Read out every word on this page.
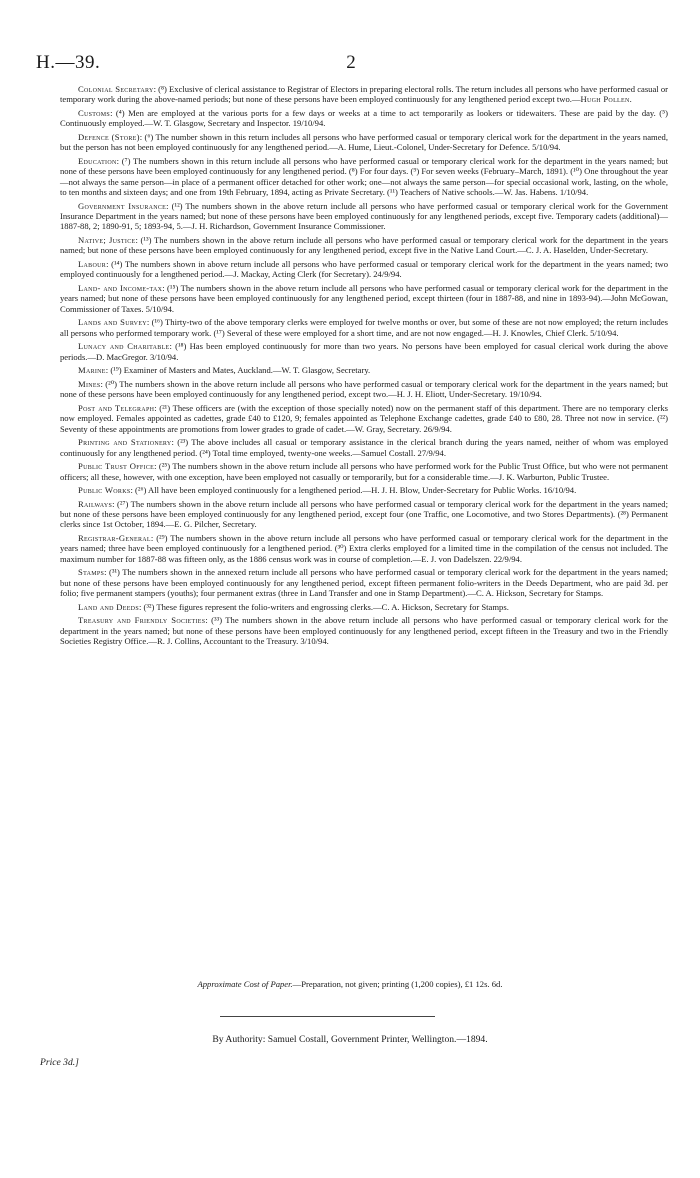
H.—39.	2

Colonial Secretary: (⁸) Exclusive of clerical assistance to Registrar of Electors in preparing electoral rolls. The return includes all persons who have performed casual or temporary work during the above-named periods; but none of these persons have been employed continuously for any lengthened period except two.—Hugh Pollen.

Customs: (⁴) Men are employed at the various ports for a few days or weeks at a time to act temporarily as lookers or tidewaiters. These are paid by the day. (⁵) Continuously employed.—W. T. Glasgow, Secretary and Inspector. 19/10/94.

Defence (Store): (⁶) The number shown in this return includes all persons who have performed casual or temporary clerical work for the department in the years named, but the person has not been employed continuously for any lengthened period.—A. Hume, Lieut.-Colonel, Under-Secretary for Defence. 5/10/94.

Education: (⁷) The numbers shown in this return include all persons who have performed casual or temporary clerical work for the department in the years named; but none of these persons have been employed continuously for any lengthened period. (⁸) For four days. (⁹) For seven weeks (February–March, 1891). (¹⁰) One throughout the year—not always the same person—in place of a permanent officer detached for other work; one—not always the same person—for special occasional work, lasting, on the whole, to ten months and sixteen days; and one from 19th February, 1894, acting as Private Secretary. (¹¹) Teachers of Native schools.—W. Jas. Habens. 1/10/94.

Government Insurance: (¹²) The numbers shown in the above return include all persons who have performed casual or temporary clerical work for the Government Insurance Department in the years named; but none of these persons have been employed continuously for any lengthened periods, except five. Temporary cadets (additional)—1887-88, 2; 1890-91, 5; 1893-94, 5.—J. H. Richardson, Government Insurance Commissioner.

Native; Justice: (¹³) The numbers shown in the above return include all persons who have performed casual or temporary clerical work for the department in the years named; but none of these persons have been employed continuously for any lengthened period, except five in the Native Land Court.—C. J. A. Haselden, Under-Secretary.

Labour: (¹⁴) The numbers shown in above return include all persons who have performed casual or temporary clerical work for the department in the years named; two employed continuously for a lengthened period.—J. Mackay, Acting Clerk (for Secretary). 24/9/94.

Land- and Income-tax: (¹⁵) The numbers shown in the above return include all persons who have performed casual or temporary clerical work for the department in the years named; but none of these persons have been employed continuously for any lengthened period, except thirteen (four in 1887-88, and nine in 1893-94).—John McGowan, Commissioner of Taxes. 5/10/94.

Lands and Survey: (¹⁶) Thirty-two of the above temporary clerks were employed for twelve months or over, but some of these are not now employed; the return includes all persons who performed temporary work. (¹⁷) Several of these were employed for a short time, and are not now engaged.—H. J. Knowles, Chief Clerk. 5/10/94.

Lunacy and Charitable: (¹⁸) Has been employed continuously for more than two years. No persons have been employed for casual clerical work during the above periods.—D. MacGregor. 3/10/94.

Marine: (¹⁹) Examiner of Masters and Mates, Auckland.—W. T. Glasgow, Secretary.

Mines: (²⁰) The numbers shown in the above return include all persons who have performed casual or temporary clerical work for the department in the years named; but none of these persons have been employed continuously for any lengthened period, except two.—H. J. H. Eliott, Under-Secretary. 19/10/94.

Post and Telegraph: (²¹) These officers are (with the exception of those specially noted) now on the permanent staff of this department. There are no temporary clerks now employed. Females appointed as cadettes, grade £40 to £120, 9; females appointed as Telephone Exchange cadettes, grade £40 to £80, 28. Three not now in service. (²²) Seventy of these appointments are promotions from lower grades to grade of cadet.—W. Gray, Secretary. 26/9/94.

Printing and Stationery: (²³) The above includes all casual or temporary assistance in the clerical branch during the years named, neither of whom was employed continuously for any lengthened period. (²⁴) Total time employed, twenty-one weeks.—Samuel Costall. 27/9/94.

Public Trust Office: (²⁵) The numbers shown in the above return include all persons who have performed work for the Public Trust Office, but who were not permanent officers; all these, however, with one exception, have been employed not casually or temporarily, but for a considerable time.—J. K. Warburton, Public Trustee.

Public Works: (²⁶) All have been employed continuously for a lengthened period.—H. J. H. Blow, Under-Secretary for Public Works. 16/10/94.

Railways: (²⁷) The numbers shown in the above return include all persons who have performed casual or temporary clerical work for the department in the years named; but none of these persons have been employed continuously for any lengthened period, except four (one Traffic, one Locomotive, and two Stores Departments). (²⁸) Permanent clerks since 1st October, 1894.—E. G. Pilcher, Secretary.

Registrar-General: (²⁹) The numbers shown in the above return include all persons who have performed casual or temporary clerical work for the department in the years named; three have been employed continuously for a lengthened period. (³⁰) Extra clerks employed for a limited time in the compilation of the census not included. The maximum number for 1887-88 was fifteen only, as the 1886 census work was in course of completion.—E. J. von Dadelszen. 22/9/94.

Stamps: (³¹) The numbers shown in the annexed return include all persons who have performed casual or temporary clerical work for the department in the years named; but none of these persons have been employed continuously for any lengthened period, except fifteen permanent folio-writers in the Deeds Department, who are paid 3d. per folio; five permanent stampers (youths); four permanent extras (three in Land Transfer and one in Stamp Department).—C. A. Hickson, Secretary for Stamps.

Land and Deeds: (³²) These figures represent the folio-writers and engrossing clerks.—C. A. Hickson, Secretary for Stamps.

Treasury and Friendly Societies: (³³) The numbers shown in the above return include all persons who have performed casual or temporary clerical work for the department in the years named; but none of these persons have been employed continuously for any lengthened period, except fifteen in the Treasury and two in the Friendly Societies Registry Office.—R. J. Collins, Accountant to the Treasury. 3/10/94.

Approximate Cost of Paper.—Preparation, not given; printing (1,200 copies), £1 12s. 6d.
By Authority: Samuel Costall, Government Printer, Wellington.—1894.
Price 3d.]
